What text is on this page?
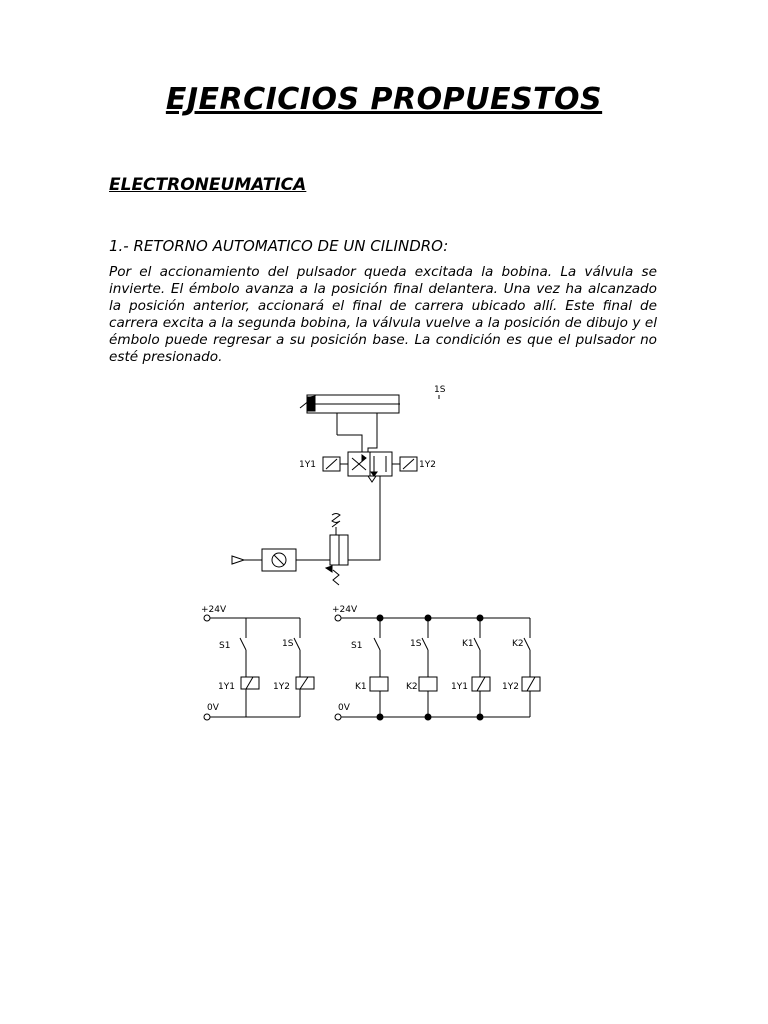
EJERCICIOS PROPUESTOS
ELECTRONEUMATICA
1.- RETORNO AUTOMATICO DE UN CILINDRO:

Por el accionamiento del pulsador queda excitada la bobina. La válvula se invierte. El émbolo avanza a la posición final delantera. Una vez ha alcanzado la posición anterior, accionará el final de carrera ubicado allí. Este final de carrera excita a la segunda bobina, la válvula vuelve a la posición de dibujo y el émbolo puede regresar a su posición base. La condición es que el pulsador no esté presionado.

1S
1Y1	1Y2
+24V
S1	1S
1Y1	1Y2
0V
+24V
S1	1S	K1	K2
K1	K2	1Y1	1Y2
0V
